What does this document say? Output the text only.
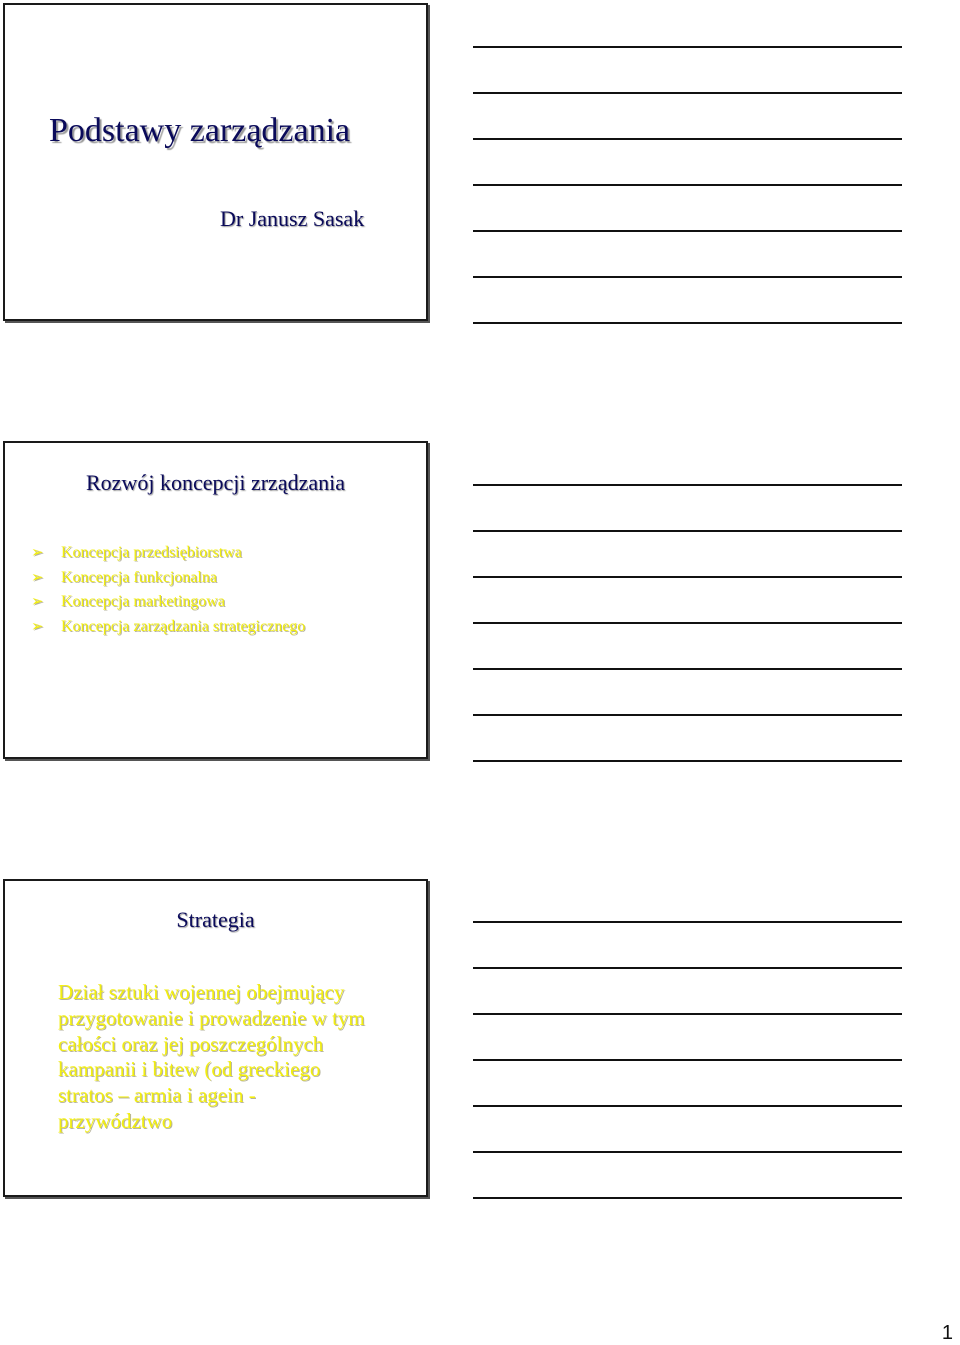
Podstawy zarządzania
Dr Janusz Sasak
Rozwój koncepcji zrządzania
➢ Koncepcja przedsiębiorstwa
➢ Koncepcja funkcjonalna
➢ Koncepcja marketingowa
➢ Koncepcja zarządzania strategicznego
Strategia
Dział sztuki wojennej obejmujący
przygotowanie i prowadzenie w tym
całości oraz jej poszczególnych
kampanii i bitew (od greckiego
stratos – armia i agein -
przywództwo
1
